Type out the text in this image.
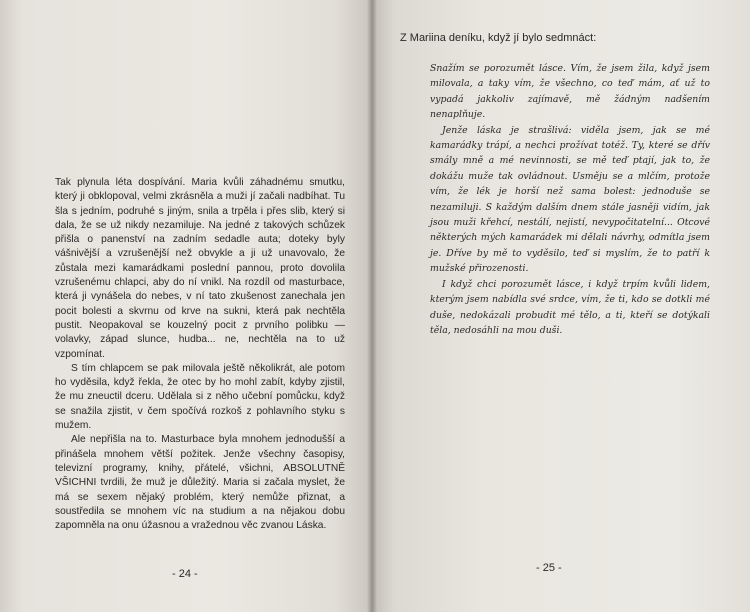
Tak plynula léta dospívání. Maria kvůli záhadnému smutku, který ji obklopoval, velmi zkrásněla a muži jí začali nadbíhat. Tu šla s jedním, podruhé s jiným, snila a trpěla i přes slib, který si dala, že se už nikdy nezamiluje. Na jedné z takových schůzek přišla o panenství na zadním sedadle auta; doteky byly vášnivější a vzrušenější než obvykle a ji už unavovalo, že zůstala mezi kamarádkami poslední pannou, proto dovolila vzrušenému chlapci, aby do ní vnikl. Na rozdíl od masturbace, která ji vynášela do nebes, v ní tato zkušenost zanechala jen pocit bolesti a skvrnu od krve na sukni, která pak nechtěla pustit. Neopakoval se kouzelný pocit z prvního polibku — volavky, západ slunce, hudba... ne, nechtěla na to už vzpomínat.

S tím chlapcem se pak milovala ještě několikrát, ale potom ho vyděsila, když řekla, že otec by ho mohl zabít, kdyby zjistil, že mu zneuctil dceru. Udělala si z něho učební pomůcku, když se snažila zjistit, v čem spočívá rozkoš z pohlavního styku s mužem.

Ale nepřišla na to. Masturbace byla mnohem jednodušší a přinášela mnohem větší požitek. Jenže všechny časopisy, televizní programy, knihy, přátelé, všichni, ABSOLUTNĚ VŠICHNI tvrdili, že muž je důležitý. Maria si začala myslet, že má se sexem nějaký problém, který nemůže přiznat, a soustředila se mnohem víc na studium a na nějakou dobu zapomněla na onu úžasnou a vražednou věc zvanou Láska.

- 24 -
Z Mariina deníku, když jí bylo sedmnáct:

Snažím se porozumět lásce. Vím, že jsem žila, když jsem milovala, a taky vím, že všechno, co teď mám, ať už to vypadá jakkoliv zajímavě, mě žádným nadšením nenaplňuje.

Jenže láska je strašlivá: viděla jsem, jak se mé kamarádky trápí, a nechci prožívat totéž. Ty, které se dřív smály mně a mé nevinnosti, se mě teď ptají, jak to, že dokážu muže tak ovládnout. Usměju se a mlčím, protože vím, že lék je horší než sama bolest: jednoduše se nezamiluji. S každým dalším dnem stále jasněji vidím, jak jsou muži křehcí, nestálí, nejistí, nevypočitatelní... Otcové některých mých kamarádek mi dělali návrhy, odmítla jsem je. Dříve by mě to vyděsilo, teď si myslím, že to patří k mužské přirozenosti.

I když chci porozumět lásce, i když trpím kvůli lidem, kterým jsem nabídla své srdce, vím, že ti, kdo se dotkli mé duše, nedokázali probudit mé tělo, a ti, kteří se dotýkali těla, nedosáhli na mou duši.

- 25 -
